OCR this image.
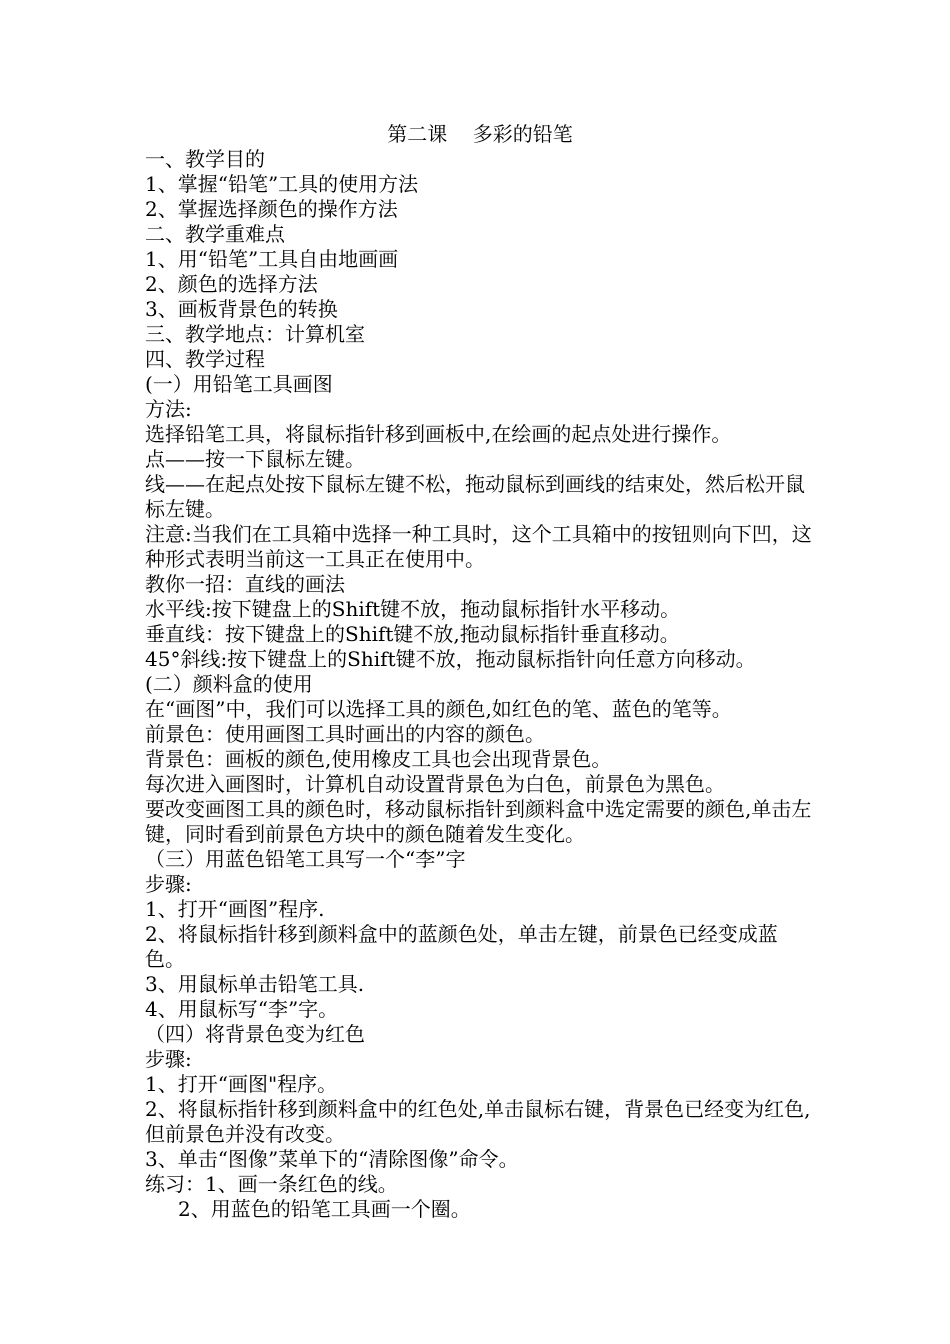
第二课    多彩的铅笔
一、教学目的
1、掌握“铅笔”工具的使用方法
2、掌握选择颜色的操作方法
二、教学重难点
1、用“铅笔”工具自由地画画
2、颜色的选择方法
3、画板背景色的转换
三、教学地点：计算机室
四、教学过程
(一）用铅笔工具画图
方法:
选择铅笔工具，将鼠标指针移到画板中,在绘画的起点处进行操作。
点——按一下鼠标左键。
线——在起点处按下鼠标左键不松，拖动鼠标到画线的结束处，然后松开鼠标左键。
注意:当我们在工具箱中选择一种工具时，这个工具箱中的按钮则向下凹，这种形式表明当前这一工具正在使用中。
教你一招：直线的画法
水平线:按下键盘上的Shift键不放，拖动鼠标指针水平移动。
垂直线：按下键盘上的Shift键不放,拖动鼠标指针垂直移动。
45°斜线:按下键盘上的Shift键不放，拖动鼠标指针向任意方向移动。
(二）颜料盒的使用
在“画图”中，我们可以选择工具的颜色,如红色的笔、蓝色的笔等。
前景色：使用画图工具时画出的内容的颜色。
背景色：画板的颜色,使用橡皮工具也会出现背景色。
每次进入画图时，计算机自动设置背景色为白色，前景色为黑色。
要改变画图工具的颜色时，移动鼠标指针到颜料盒中选定需要的颜色,单击左键，同时看到前景色方块中的颜色随着发生变化。
（三）用蓝色铅笔工具写一个“李”字
步骤:
1、打开“画图”程序.
2、将鼠标指针移到颜料盒中的蓝颜色处，单击左键，前景色已经变成蓝色。
3、用鼠标单击铅笔工具.
4、用鼠标写“李”字。
（四）将背景色变为红色
步骤:
1、打开“画图"程序。
2、将鼠标指针移到颜料盒中的红色处,单击鼠标右键，背景色已经变为红色,但前景色并没有改变。
3、单击“图像”菜单下的“清除图像”命令。
练习：1、画一条红色的线。
2、用蓝色的铅笔工具画一个圈。
